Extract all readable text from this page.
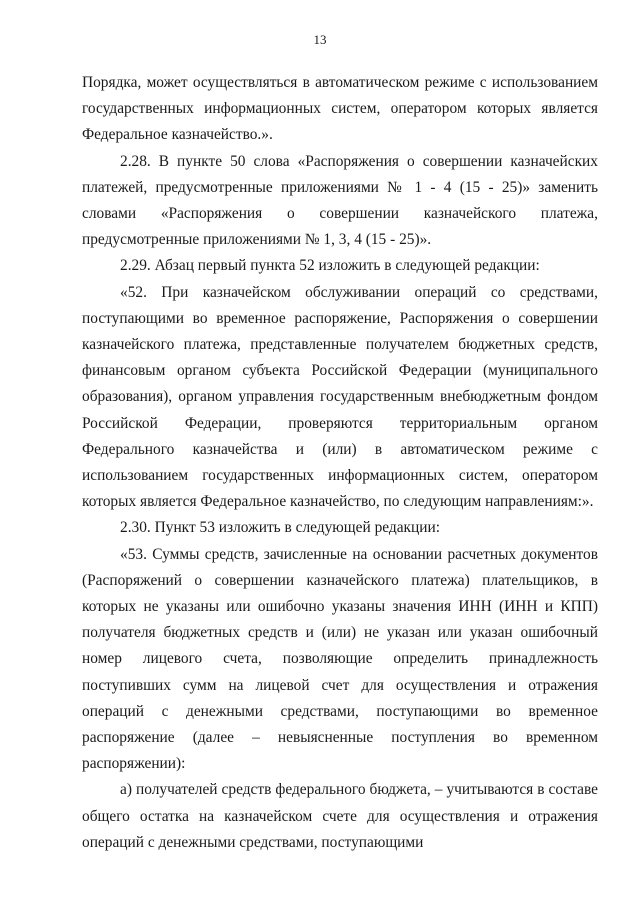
13

Порядка, может осуществляться в автоматическом режиме с использованием государственных информационных систем, оператором которых является Федеральное казначейство.».

2.28. В пункте 50 слова «Распоряжения о совершении казначейских платежей, предусмотренные приложениями № 1 - 4 (15 - 25)» заменить словами «Распоряжения о совершении казначейского платежа, предусмотренные приложениями № 1, 3, 4 (15 - 25)».

2.29. Абзац первый пункта 52 изложить в следующей редакции:

«52. При казначейском обслуживании операций со средствами, поступающими во временное распоряжение, Распоряжения о совершении казначейского платежа, представленные получателем бюджетных средств, финансовым органом субъекта Российской Федерации (муниципального образования), органом управления государственным внебюджетным фондом Российской Федерации, проверяются территориальным органом Федерального казначейства и (или) в автоматическом режиме с использованием государственных информационных систем, оператором которых является Федеральное казначейство, по следующим направлениям:».

2.30. Пункт 53 изложить в следующей редакции:

«53. Суммы средств, зачисленные на основании расчетных документов (Распоряжений о совершении казначейского платежа) плательщиков, в которых не указаны или ошибочно указаны значения ИНН (ИНН и КПП) получателя бюджетных средств и (или) не указан или указан ошибочный номер лицевого счета, позволяющие определить принадлежность поступивших сумм на лицевой счет для осуществления и отражения операций с денежными средствами, поступающими во временное распоряжение (далее – невыясненные поступления во временном распоряжении):

а) получателей средств федерального бюджета, – учитываются в составе общего остатка на казначейском счете для осуществления и отражения операций с денежными средствами, поступающими
